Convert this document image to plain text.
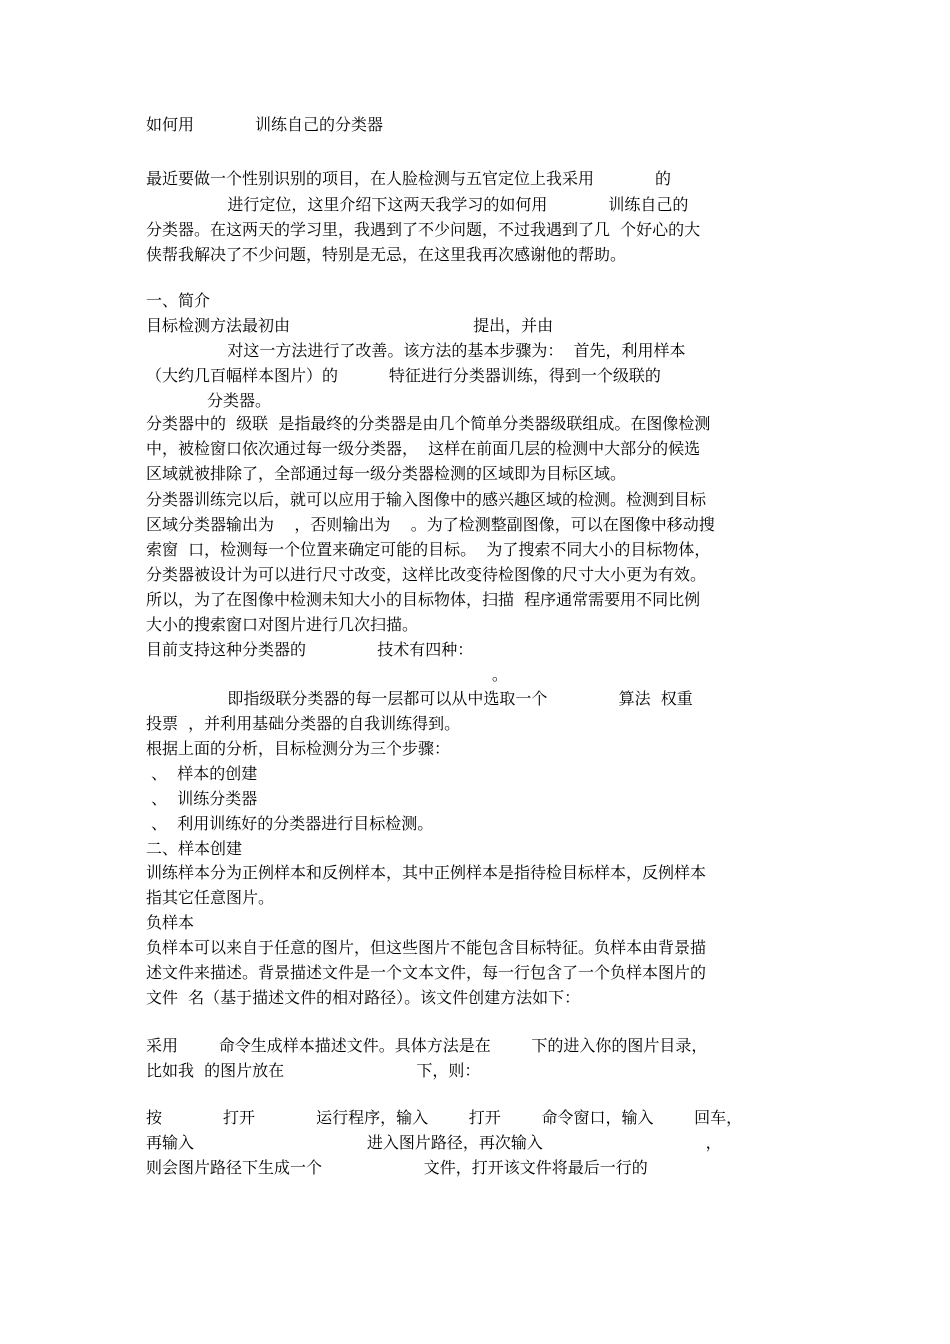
如何用            训练自己的分类器
最近要做一个性别识别的项目，在人脸检测与五官定位上我采用            的
进行定位，这里介绍下这两天我学习的如何用            训练自己的
分类器。在这两天的学习里，我遇到了不少问题，不过我遇到了几  个好心的大
侠帮我解决了不少问题，特别是无忌，在这里我再次感谢他的帮助。
一、简介
目标检测方法最初由                                    提出，并由
对这一方法进行了改善。该方法的基本步骤为：  首先，利用样本
（大约几百幅样本图片）的          特征进行分类器训练，得到一个级联的
分类器。
分类器中的  级联  是指最终的分类器是由几个简单分类器级联组成。在图像检测
中，被检窗口依次通过每一级分类器，  这样在前面几层的检测中大部分的候选
区域就被排除了，全部通过每一级分类器检测的区域即为目标区域。
分类器训练完以后，就可以应用于输入图像中的感兴趣区域的检测。检测到目标
区域分类器输出为    ，否则输出为    。为了检测整副图像，可以在图像中移动搜
索窗  口，检测每一个位置来确定可能的目标。  为了搜索不同大小的目标物体，
分类器被设计为可以进行尺寸改变，这样比改变待检图像的尺寸大小更为有效。
所以，为了在图像中检测未知大小的目标物体，扫描  程序通常需要用不同比例
大小的搜索窗口对图片进行几次扫描。
目前支持这种分类器的              技术有四种：
。
即指级联分类器的每一层都可以从中选取一个              算法  权重
投票  ，并利用基础分类器的自我训练得到。
根据上面的分析，目标检测分为三个步骤：
、  样本的创建
、  训练分类器
、  利用训练好的分类器进行目标检测。
二、样本创建
训练样本分为正例样本和反例样本，其中正例样本是指待检目标样本，反例样本
指其它任意图片。
负样本
负样本可以来自于任意的图片，但这些图片不能包含目标特征。负样本由背景描
述文件来描述。背景描述文件是一个文本文件，每一行包含了一个负样本图片的
文件  名（基于描述文件的相对路径）。该文件创建方法如下：
采用        命令生成样本描述文件。具体方法是在        下的进入你的图片目录，
比如我  的图片放在                          下，则：
按            打开            运行程序，输入        打开        命令窗口，输入        回车，
再输入                                  进入图片路径，再次输入                                ，
则会图片路径下生成一个                    文件，打开该文件将最后一行的
